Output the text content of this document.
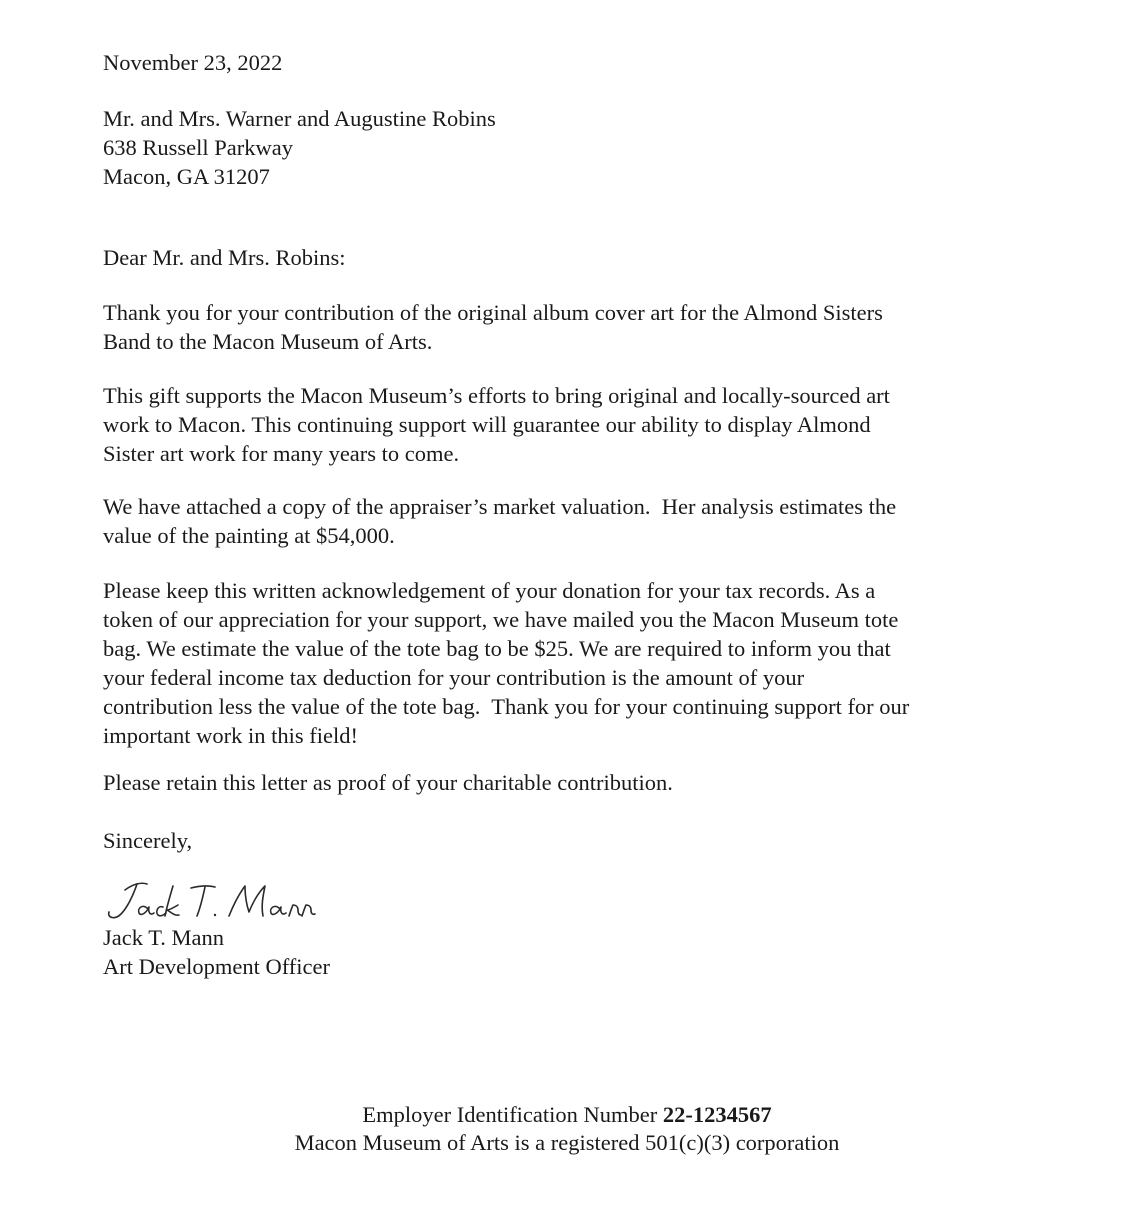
November 23, 2022

Mr. and Mrs. Warner and Augustine Robins
638 Russell Parkway
Macon, GA 31207

Dear Mr. and Mrs. Robins:

Thank you for your contribution of the original album cover art for the Almond Sisters
Band to the Macon Museum of Arts.

This gift supports the Macon Museum’s efforts to bring original and locally-sourced art
work to Macon. This continuing support will guarantee our ability to display Almond
Sister art work for many years to come.

We have attached a copy of the appraiser’s market valuation.  Her analysis estimates the
value of the painting at $54,000.

Please keep this written acknowledgement of your donation for your tax records. As a
token of our appreciation for your support, we have mailed you the Macon Museum tote
bag. We estimate the value of the tote bag to be $25. We are required to inform you that
your federal income tax deduction for your contribution is the amount of your
contribution less the value of the tote bag.  Thank you for your continuing support for our
important work in this field!

Please retain this letter as proof of your charitable contribution.

Sincerely,

Jack T. Mann
Art Development Officer

Employer Identification Number 22-1234567
Macon Museum of Arts is a registered 501(c)(3) corporation
